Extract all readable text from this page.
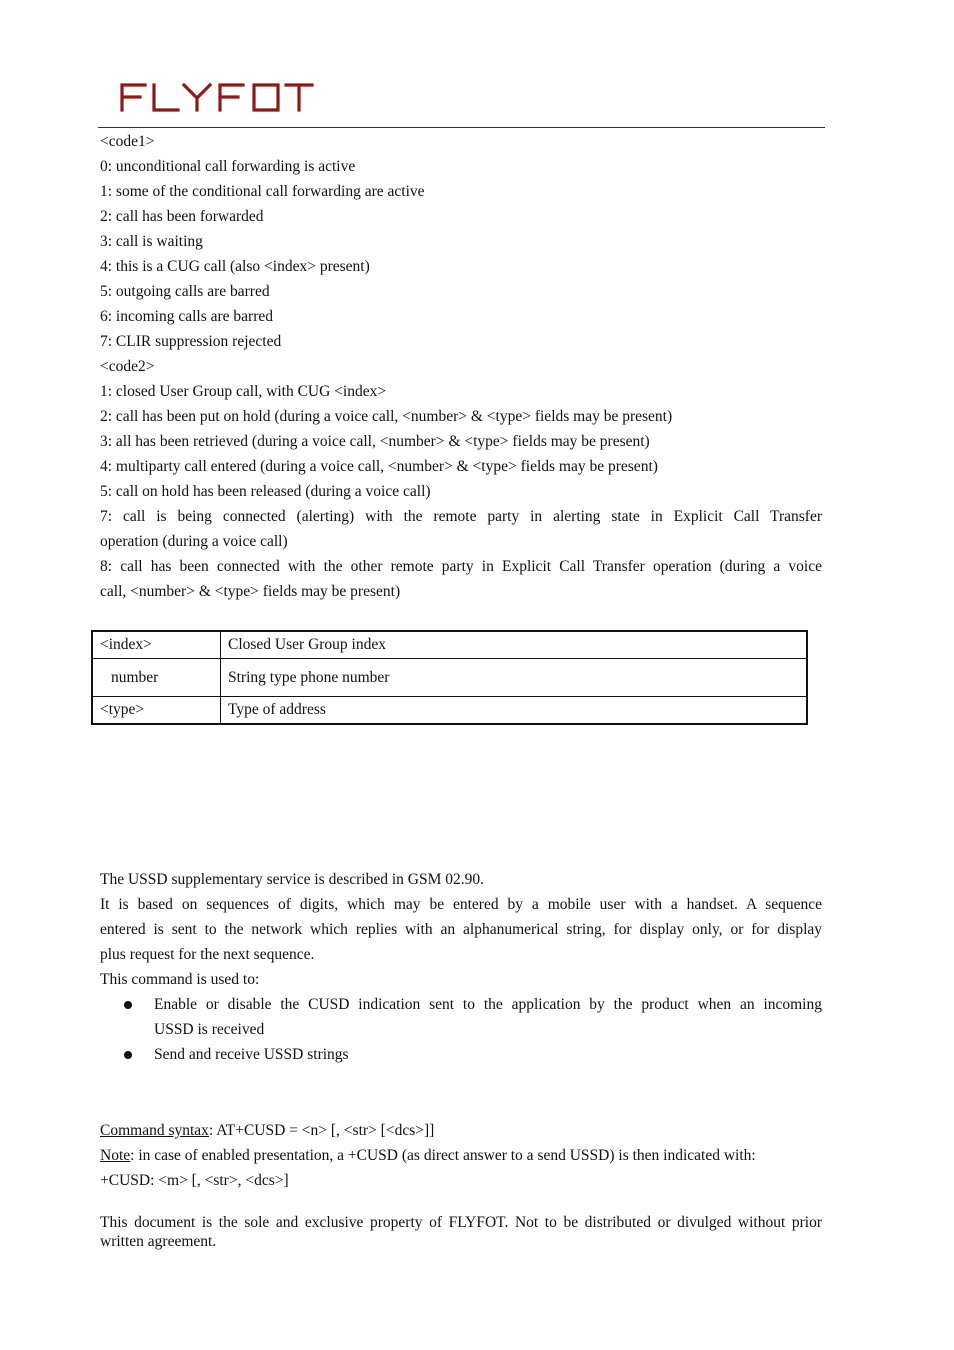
<code1>
0: unconditional call forwarding is active
1: some of the conditional call forwarding are active
2: call has been forwarded
3: call is waiting
4: this is a CUG call (also <index> present)
5: outgoing calls are barred
6: incoming calls are barred
7: CLIR suppression rejected
<code2>
1: closed User Group call, with CUG <index>
2: call has been put on hold (during a voice call, <number> & <type> fields may be present)
3: all has been retrieved (during a voice call, <number> & <type> fields may be present)
4: multiparty call entered (during a voice call, <number> & <type> fields may be present)
5: call on hold has been released (during a voice call)
7: call is being connected (alerting) with the remote party in alerting state in Explicit Call Transfer
operation (during a voice call)
8: call has been connected with the other remote party in Explicit Call Transfer operation (during a voice
call, <number> & <type> fields may be present)
<index>	Closed User Group index
number	String type phone number
<type>	Type of address
The USSD supplementary service is described in GSM 02.90.
It is based on sequences of digits, which may be entered by a mobile user with a handset. A sequence
entered is sent to the network which replies with an alphanumerical string, for display only, or for display
plus request for the next sequence.
This command is used to:
Enable or disable the CUSD indication sent to the application by the product when an incoming
USSD is received
Send and receive USSD strings
Command syntax: AT+CUSD = <n> [, <str> [<dcs>]]
Note: in case of enabled presentation, a +CUSD (as direct answer to a send USSD) is then indicated with:
+CUSD: <m> [, <str>, <dcs>]
This document is the sole and exclusive property of FLYFOT. Not to be distributed or divulged without prior written agreement.
